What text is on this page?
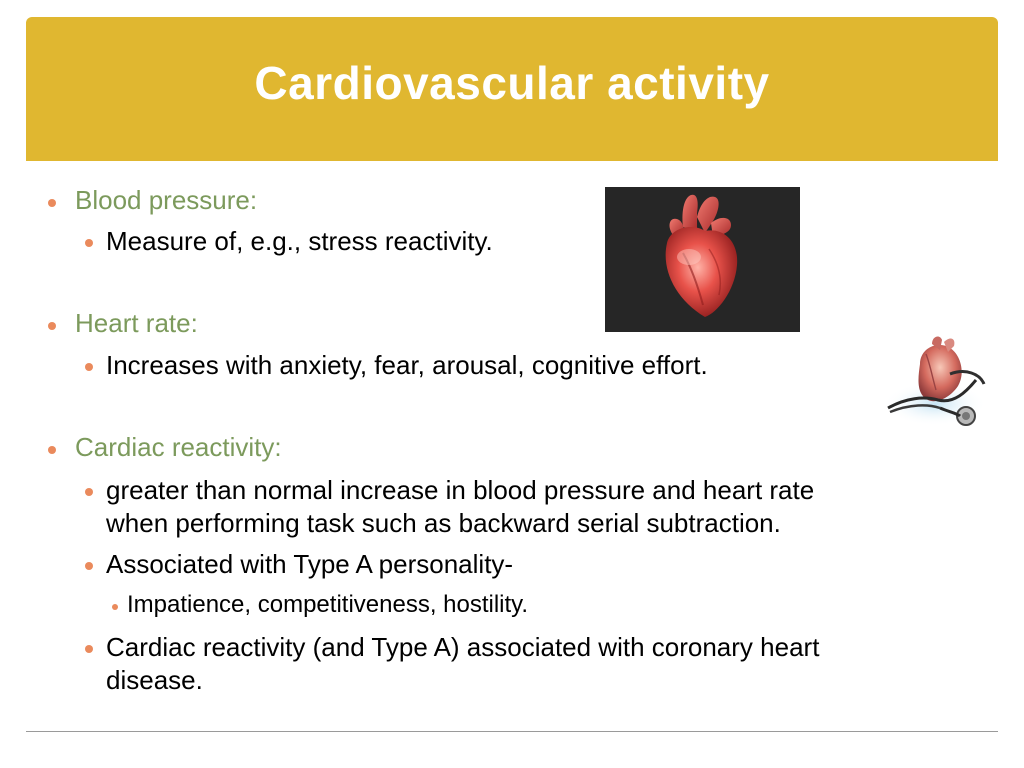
Cardiovascular activity

Blood pressure:

Measure of, e.g., stress reactivity.

Heart rate:

Increases with anxiety, fear, arousal, cognitive effort.

Cardiac reactivity:

greater than normal increase in blood pressure and heart rate

when performing task such as backward serial subtraction.

Associated with Type A personality-

Impatience, competitiveness, hostility.

Cardiac reactivity (and Type A) associated with coronary heart

disease.
